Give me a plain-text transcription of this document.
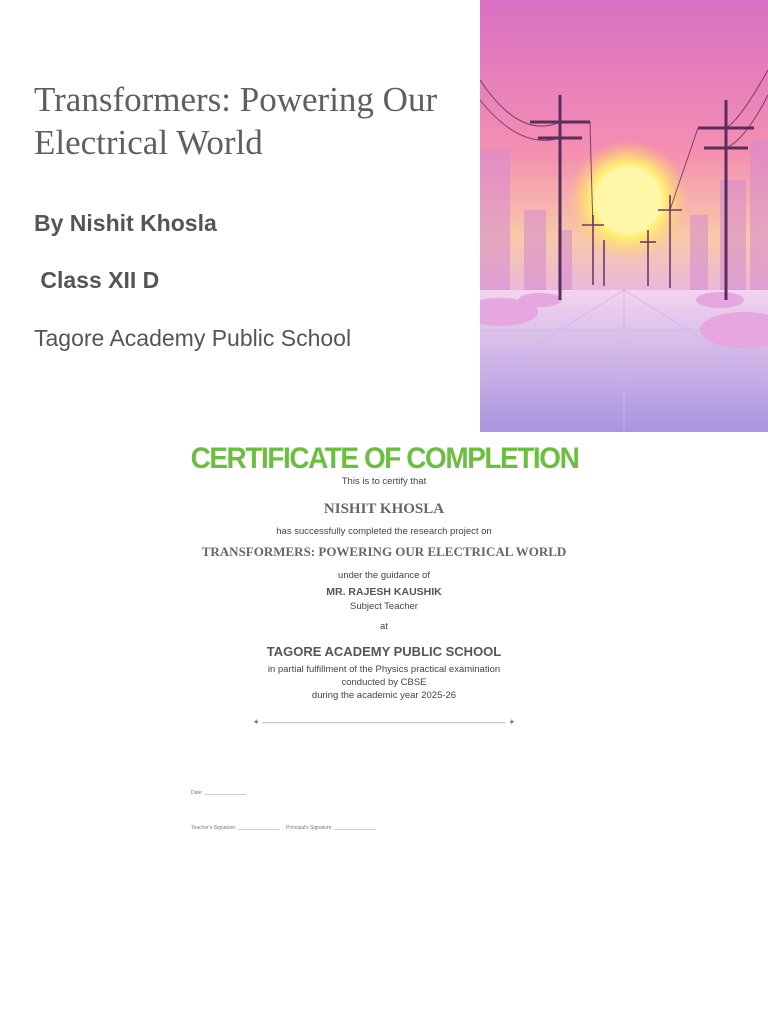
Transformers: Powering Our Electrical World
By Nishit Khosla
Class XII D
Tagore Academy Public School
CERTIFICATE OF COMPLETION
This is to certify that
NISHIT KHOSLA
has successfully completed the research project on
TRANSFORMERS: POWERING OUR ELECTRICAL WORLD
under the guidance of
MR. RAJESH KAUSHIK
Subject Teacher
at
TAGORE ACADEMY PUBLIC SCHOOL
in partial fulfillment of the Physics practical examination
conducted by CBSE
during the academic year 2025-26
✦ ——————————————————————————— ✦
Date: _______________
Teacher's Signature: _______________ Principal's Signature: _______________
